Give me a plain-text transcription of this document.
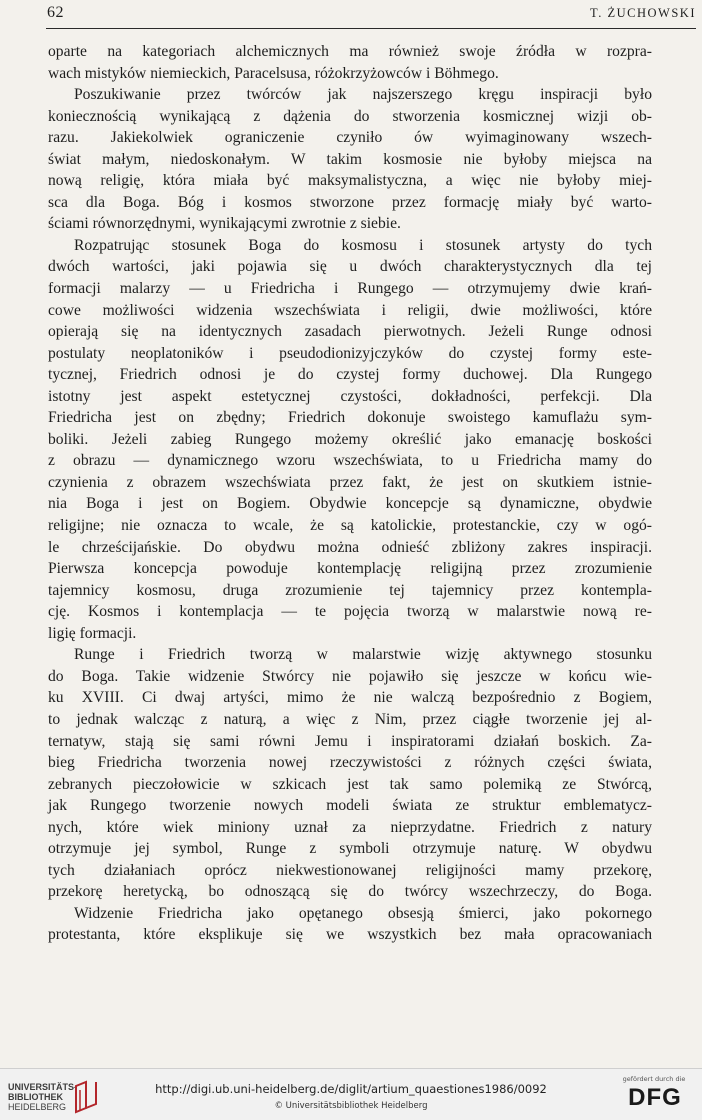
62	T. ŻUCHOWSKI
oparte na kategoriach alchemicznych ma również swoje źródła w rozpra-
wach mistyków niemieckich, Paracelsusa, różokrzyżowców i Böhmego.
Poszukiwanie przez twórców jak najszerszego kręgu inspiracji było
koniecznością wynikającą z dążenia do stworzenia kosmicznej wizji ob-
razu. Jakiekolwiek ograniczenie czyniło ów wyimaginowany wszech-
świat małym, niedoskonałym. W takim kosmosie nie byłoby miejsca na
nową religię, która miała być maksymalistyczna, a więc nie byłoby miej-
sca dla Boga. Bóg i kosmos stworzone przez formację miały być warto-
ściami równorzędnymi, wynikającymi zwrotnie z siebie.
Rozpatrując stosunek Boga do kosmosu i stosunek artysty do tych
dwóch wartości, jaki pojawia się u dwóch charakterystycznych dla tej
formacji malarzy — u Friedricha i Rungego — otrzymujemy dwie krań-
cowe możliwości widzenia wszechświata i religii, dwie możliwości, które
opierają się na identycznych zasadach pierwotnych. Jeżeli Runge odnosi
postulaty neoplatoników i pseudodionizyjczyków do czystej formy este-
tycznej, Friedrich odnosi je do czystej formy duchowej. Dla Rungego
istotny jest aspekt estetycznej czystości, dokładności, perfekcji. Dla
Friedricha jest on zbędny; Friedrich dokonuje swoistego kamuflażu sym-
boliki. Jeżeli zabieg Rungego możemy określić jako emanację boskości
z obrazu — dynamicznego wzoru wszechświata, to u Friedricha mamy do
czynienia z obrazem wszechświata przez fakt, że jest on skutkiem istnie-
nia Boga i jest on Bogiem. Obydwie koncepcje są dynamiczne, obydwie
religijne; nie oznacza to wcale, że są katolickie, protestanckie, czy w ogó-
le chrześcijańskie. Do obydwu można odnieść zbliżony zakres inspiracji.
Pierwsza koncepcja powoduje kontemplację religijną przez zrozumienie
tajemnicy kosmosu, druga zrozumienie tej tajemnicy przez kontempla-
cję. Kosmos i kontemplacja — te pojęcia tworzą w malarstwie nową re-
ligię formacji.
Runge i Friedrich tworzą w malarstwie wizję aktywnego stosunku
do Boga. Takie widzenie Stwórcy nie pojawiło się jeszcze w końcu wie-
ku XVIII. Ci dwaj artyści, mimo że nie walczą bezpośrednio z Bogiem,
to jednak walcząc z naturą, a więc z Nim, przez ciągłe tworzenie jej al-
ternatyw, stają się sami równi Jemu i inspiratorami działań boskich. Za-
bieg Friedricha tworzenia nowej rzeczywistości z różnych części świata,
zebranych pieczołowicie w szkicach jest tak samo polemiką ze Stwórcą,
jak Rungego tworzenie nowych modeli świata ze struktur emblematycz-
nych, które wiek miniony uznał za nieprzydatne. Friedrich z natury
otrzymuje jej symbol, Runge z symboli otrzymuje naturę. W obydwu
tych działaniach oprócz niekwestionowanej religijności mamy przekorę,
przekorę heretycką, bo odnoszącą się do twórcy wszechrzeczy, do Boga.
Widzenie Friedricha jako opętanego obsesją śmierci, jako pokornego
protestanta, które eksplikuje się we wszystkich bez mała opracowaniach
UNIVERSITÄTS-
BIBLIOTHEK
HEIDELBERG
http://digi.ub.uni-heidelberg.de/diglit/artium_quaestiones1986/0092
© Universitätsbibliothek Heidelberg
gefördert durch die
DFG
